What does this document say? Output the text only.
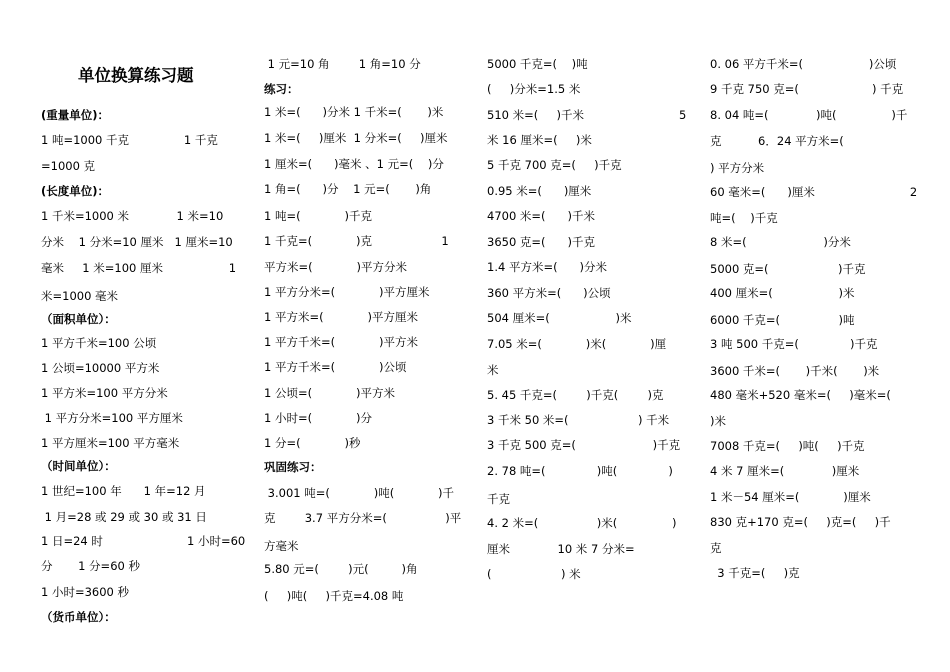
单位换算练习题
(重量单位)：
1 吨=1000 千克               1 千克
=1000 克
(长度单位)：
1 千米=1000 米             1 米=10
分米    1 分米=10 厘米   1 厘米=10
毫米     1 米=100 厘米                  1
米=1000 毫米
（面积单位）：
1 平方千米=100 公顷
1 公顷=10000 平方米
1 平方米=100 平方分米
1 平方分米=100 平方厘米
1 平方厘米=100 平方毫米
（时间单位）：
1 世纪=100 年      1 年=12 月
1 月=28 或 29 或 30 或 31 日
1 日=24 时                       1 小时=60
分       1 分=60 秒
1 小时=3600 秒
（货币单位）：
1 元=10 角        1 角=10 分
练习：
1 米=(      )分米 1 千米=(       )米
1 米=(     )厘米  1 分米=(     )厘米
1 厘米=(      )毫米 、1 元=(    )分
1 角=(      )分    1 元=(       )角
1 吨=(            )千克
1 千克=(            )克                   1
平方米=(            )平方分米
1 平方分米=(            )平方厘米
1 平方米=(            )平方厘米
1 平方千米=(            )平方米
1 平方千米=(            )公顷
1 公顷=(            )平方米
1 小时=(            )分
1 分=(            )秒
巩固练习：
3.001 吨=(            )吨(            )千
克        3.7 平方分米=(                )平
方毫米
5.80 元=(        )元(         )角
(     )吨(     )千克=4.08 吨
5000 千克=(    )吨
(     )分米=1.5 米
510 米=(     )千米                          5
米 16 厘米=(     )米
5 千克 700 克=(     )千克
0.95 米=(      )厘米
4700 米=(      )千米
3650 克=(      )千克
1.4 平方米=(      )分米
360 平方米=(      )公顷
504 厘米=(                  )米
7.05 米=(            )米(            )厘
米
5. 45 千克=(        )千克(        )克
3 千米 50 米=(                   ) 千米
3 千克 500 克=(                     )千克
2. 78 吨=(              )吨(              )
千克
4. 2 米=(                )米(               )
厘米             10 米 7 分米=
(                   ) 米
0. 06 平方千米=(                  )公顷
9 千克 750 克=(                    ) 千克
8. 04 吨=(             )吨(               )千
克          6．24 平方米=(
) 平方分米
60 毫米=(      )厘米                          2
吨=(    )千克
8 米=(                     )分米
5000 克=(                   )千克
400 厘米=(                  )米
6000 千克=(                )吨
3 吨 500 千克=(              )千克
3600 千米=(       )千米(       )米
480 毫米+520 毫米=(     )毫米=(
)米
7008 千克=(     )吨(     )千克
4 米 7 厘米=(             )厘米
1 米－54 厘米=(            )厘米
830 克+170 克=(     )克=(     )千
克
3 千克=(     )克
